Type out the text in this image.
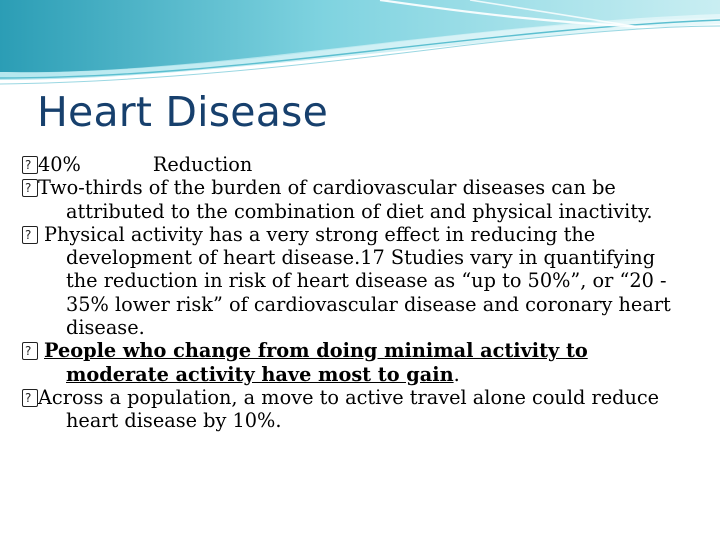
Heart Disease

?40%	Reduction

?Two-thirds of the burden of cardiovascular diseases can be attributed to the combination of diet and physical inactivity.

?Physical activity has a very strong effect in reducing the development of heart disease.17 Studies vary in quantifying the reduction in risk of heart disease as “up to 50%”, or “20 - 35% lower risk” of cardiovascular disease and coronary heart disease.

?People who change from doing minimal activity to moderate activity have most to gain.

?Across a population, a move to active travel alone could reduce heart disease by 10%.
